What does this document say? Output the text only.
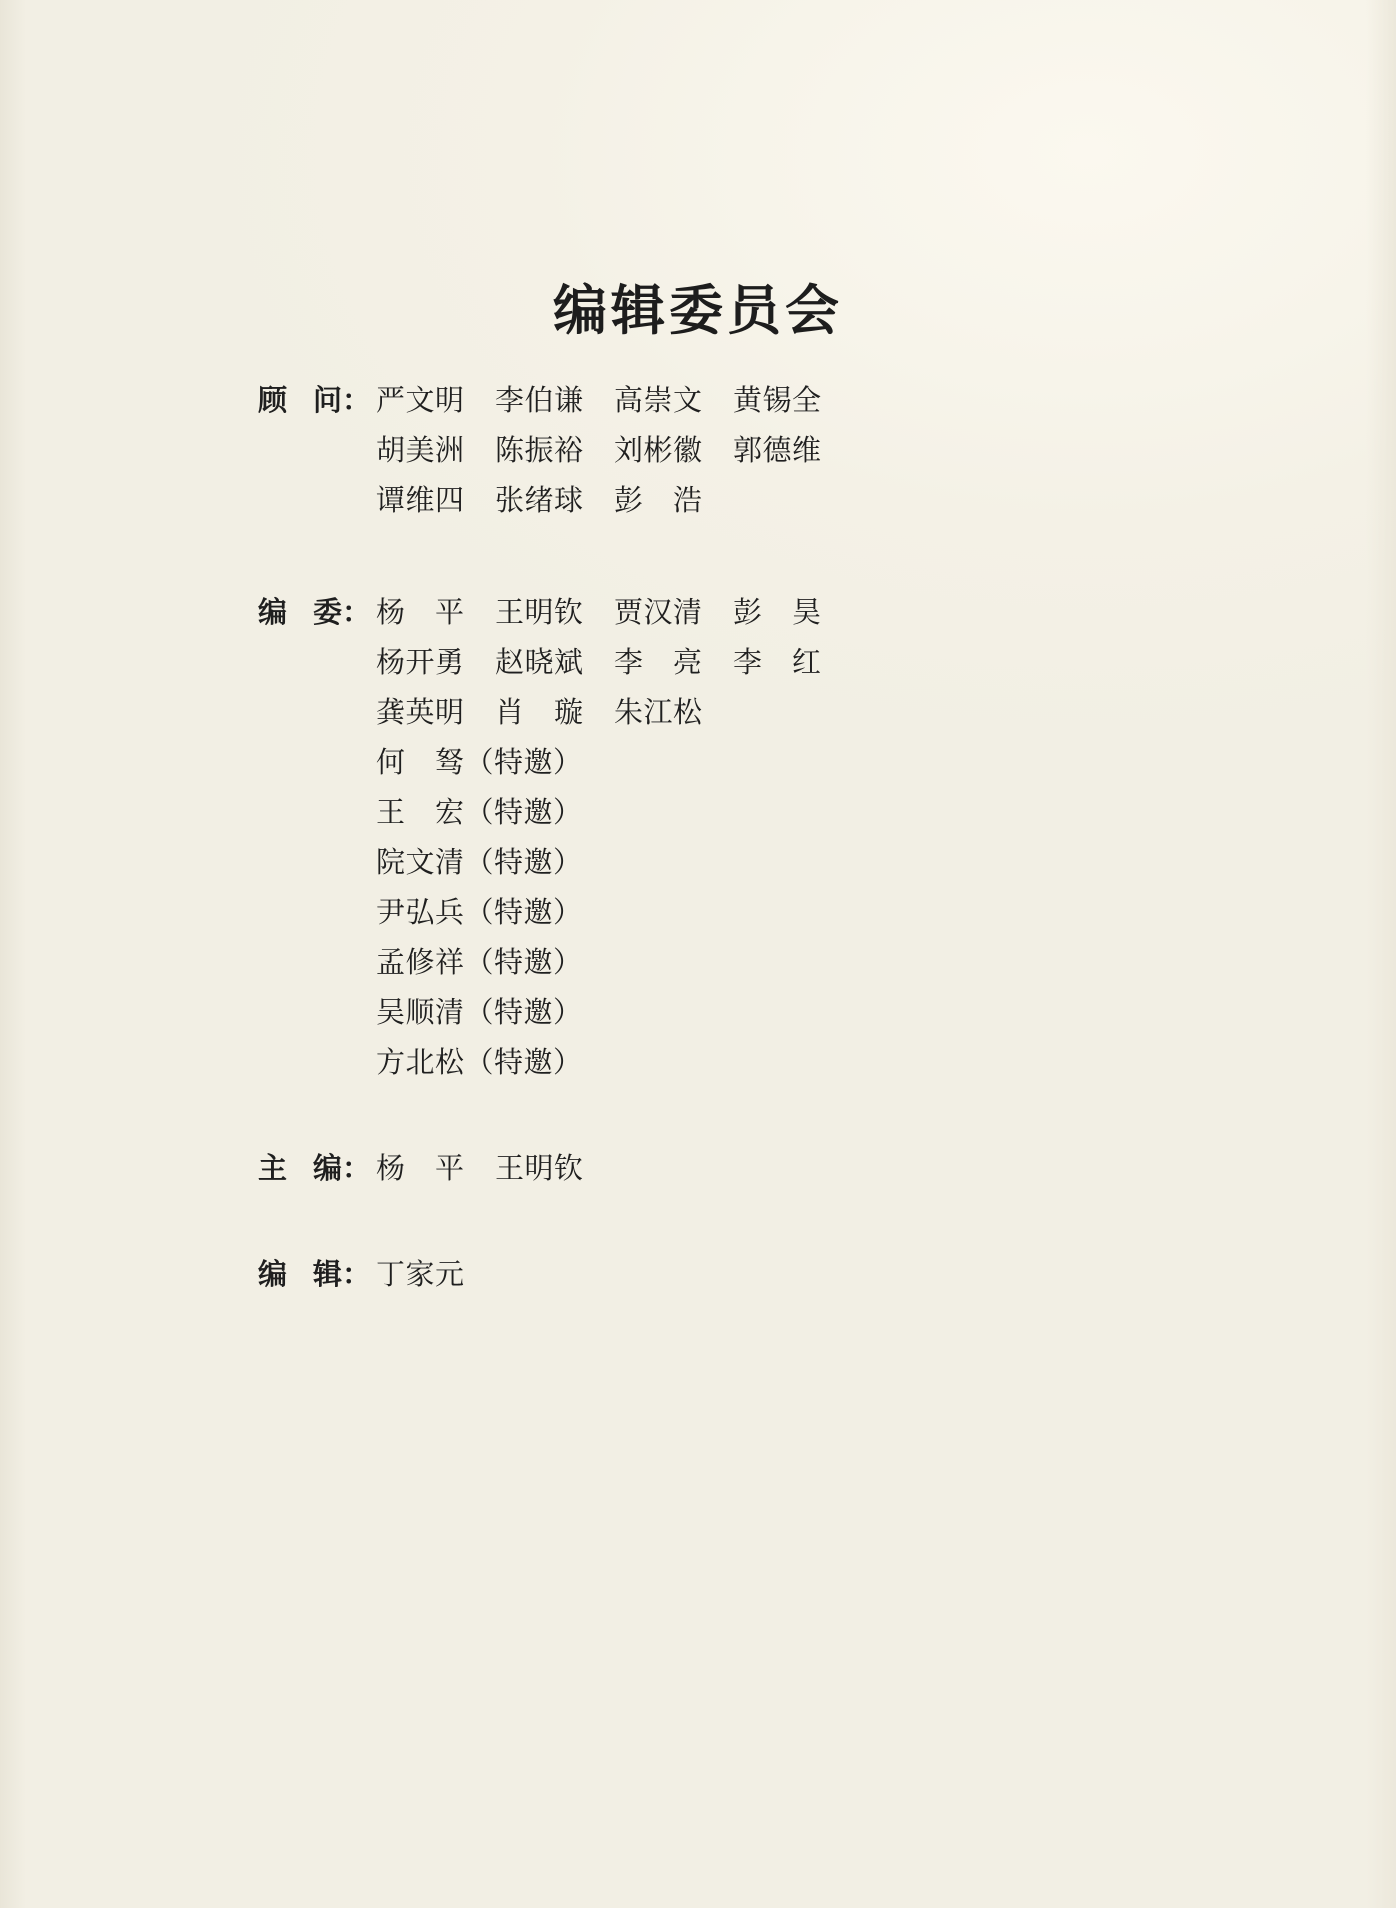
编辑委员会
顾 问： 严文明	李伯谦	高崇文	黄锡全
胡美洲	陈振裕	刘彬徽	郭德维
谭维四	张绪球	彭　浩
编 委： 杨　平	王明钦	贾汉清	彭　昊
杨开勇	赵晓斌	李　亮	李　红
龚英明	肖　璇	朱江松
何　驽（特邀）
王　宏（特邀）
院文清（特邀）
尹弘兵（特邀）
孟修祥（特邀）
吴顺清（特邀）
方北松（特邀）
主 编： 杨　平	王明钦
编 辑： 丁家元
